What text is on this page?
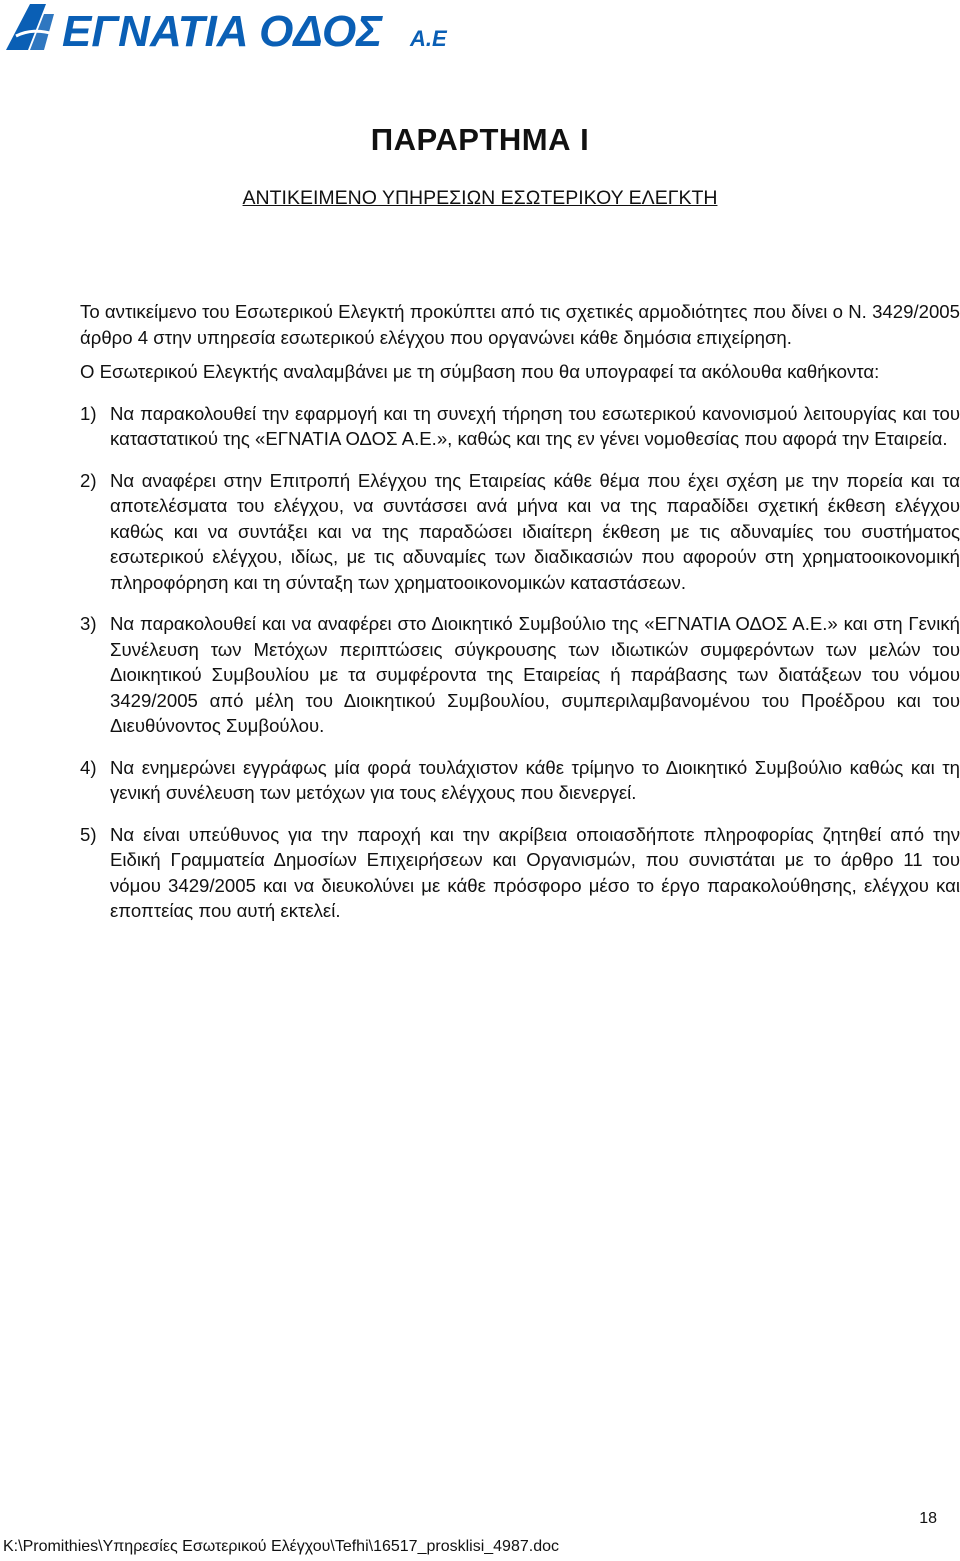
ΕΓΝΑΤΙΑ ΟΔΟΣ Α.Ε
ΠΑΡΑΡΤΗΜΑ Ι
ΑΝΤΙΚΕΙΜΕΝΟ ΥΠΗΡΕΣΙΩΝ ΕΣΩΤΕΡΙΚΟΥ ΕΛΕΓΚΤΗ

Το αντικείμενο του Εσωτερικού Ελεγκτή προκύπτει από τις σχετικές αρμοδιότητες που δίνει ο Ν. 3429/2005 άρθρο 4 στην υπηρεσία εσωτερικού ελέγχου που οργανώνει κάθε δημόσια επιχείρηση.

Ο Εσωτερικού Ελεγκτής αναλαμβάνει με τη σύμβαση που θα υπογραφεί τα ακόλουθα καθήκοντα:

1) Να παρακολουθεί την εφαρμογή και τη συνεχή τήρηση του εσωτερικού κανονισμού λειτουργίας και του καταστατικού της «ΕΓΝΑΤΙΑ ΟΔΟΣ Α.Ε.», καθώς και της εν γένει νομοθεσίας που αφορά την Εταιρεία.
2) Να αναφέρει στην Επιτροπή Ελέγχου της Εταιρείας κάθε θέμα που έχει σχέση με την πορεία και τα αποτελέσματα του ελέγχου, να συντάσσει ανά μήνα και να της παραδίδει σχετική έκθεση ελέγχου καθώς και να συντάξει και να της παραδώσει ιδιαίτερη έκθεση με τις αδυναμίες του συστήματος εσωτερικού ελέγχου, ιδίως, με τις αδυναμίες των διαδικασιών που αφορούν στη χρηματοοικονομική πληροφόρηση και τη σύνταξη των χρηματοοικονομικών καταστάσεων.
3) Να παρακολουθεί και να αναφέρει στο Διοικητικό Συμβούλιο της «ΕΓΝΑΤΙΑ ΟΔΟΣ Α.Ε.» και στη Γενική Συνέλευση των Μετόχων περιπτώσεις σύγκρουσης των ιδιωτικών συμφερόντων των μελών του Διοικητικού Συμβουλίου με τα συμφέροντα της Εταιρείας ή παράβασης των διατάξεων του νόμου 3429/2005 από μέλη του Διοικητικού Συμβουλίου, συμπεριλαμβανομένου του Προέδρου και του Διευθύνοντος Συμβούλου.
4) Να ενημερώνει εγγράφως μία φορά τουλάχιστον κάθε τρίμηνο το Διοικητικό Συμβούλιο καθώς και τη γενική συνέλευση των μετόχων για τους ελέγχους που διενεργεί.
5) Να είναι υπεύθυνος για την παροχή και την ακρίβεια οποιασδήποτε πληροφορίας ζητηθεί από την Ειδική Γραμματεία Δημοσίων Επιχειρήσεων και Οργανισμών, που συνιστάται με το άρθρο 11 του νόμου 3429/2005 και να διευκολύνει με κάθε πρόσφορο μέσο το έργο παρακολούθησης, ελέγχου και εποπτείας που αυτή εκτελεί.
18
K:\Promithies\Υπηρεσίες Εσωτερικού Ελέγχου\Tefhi\16517_prosklisi_4987.doc
